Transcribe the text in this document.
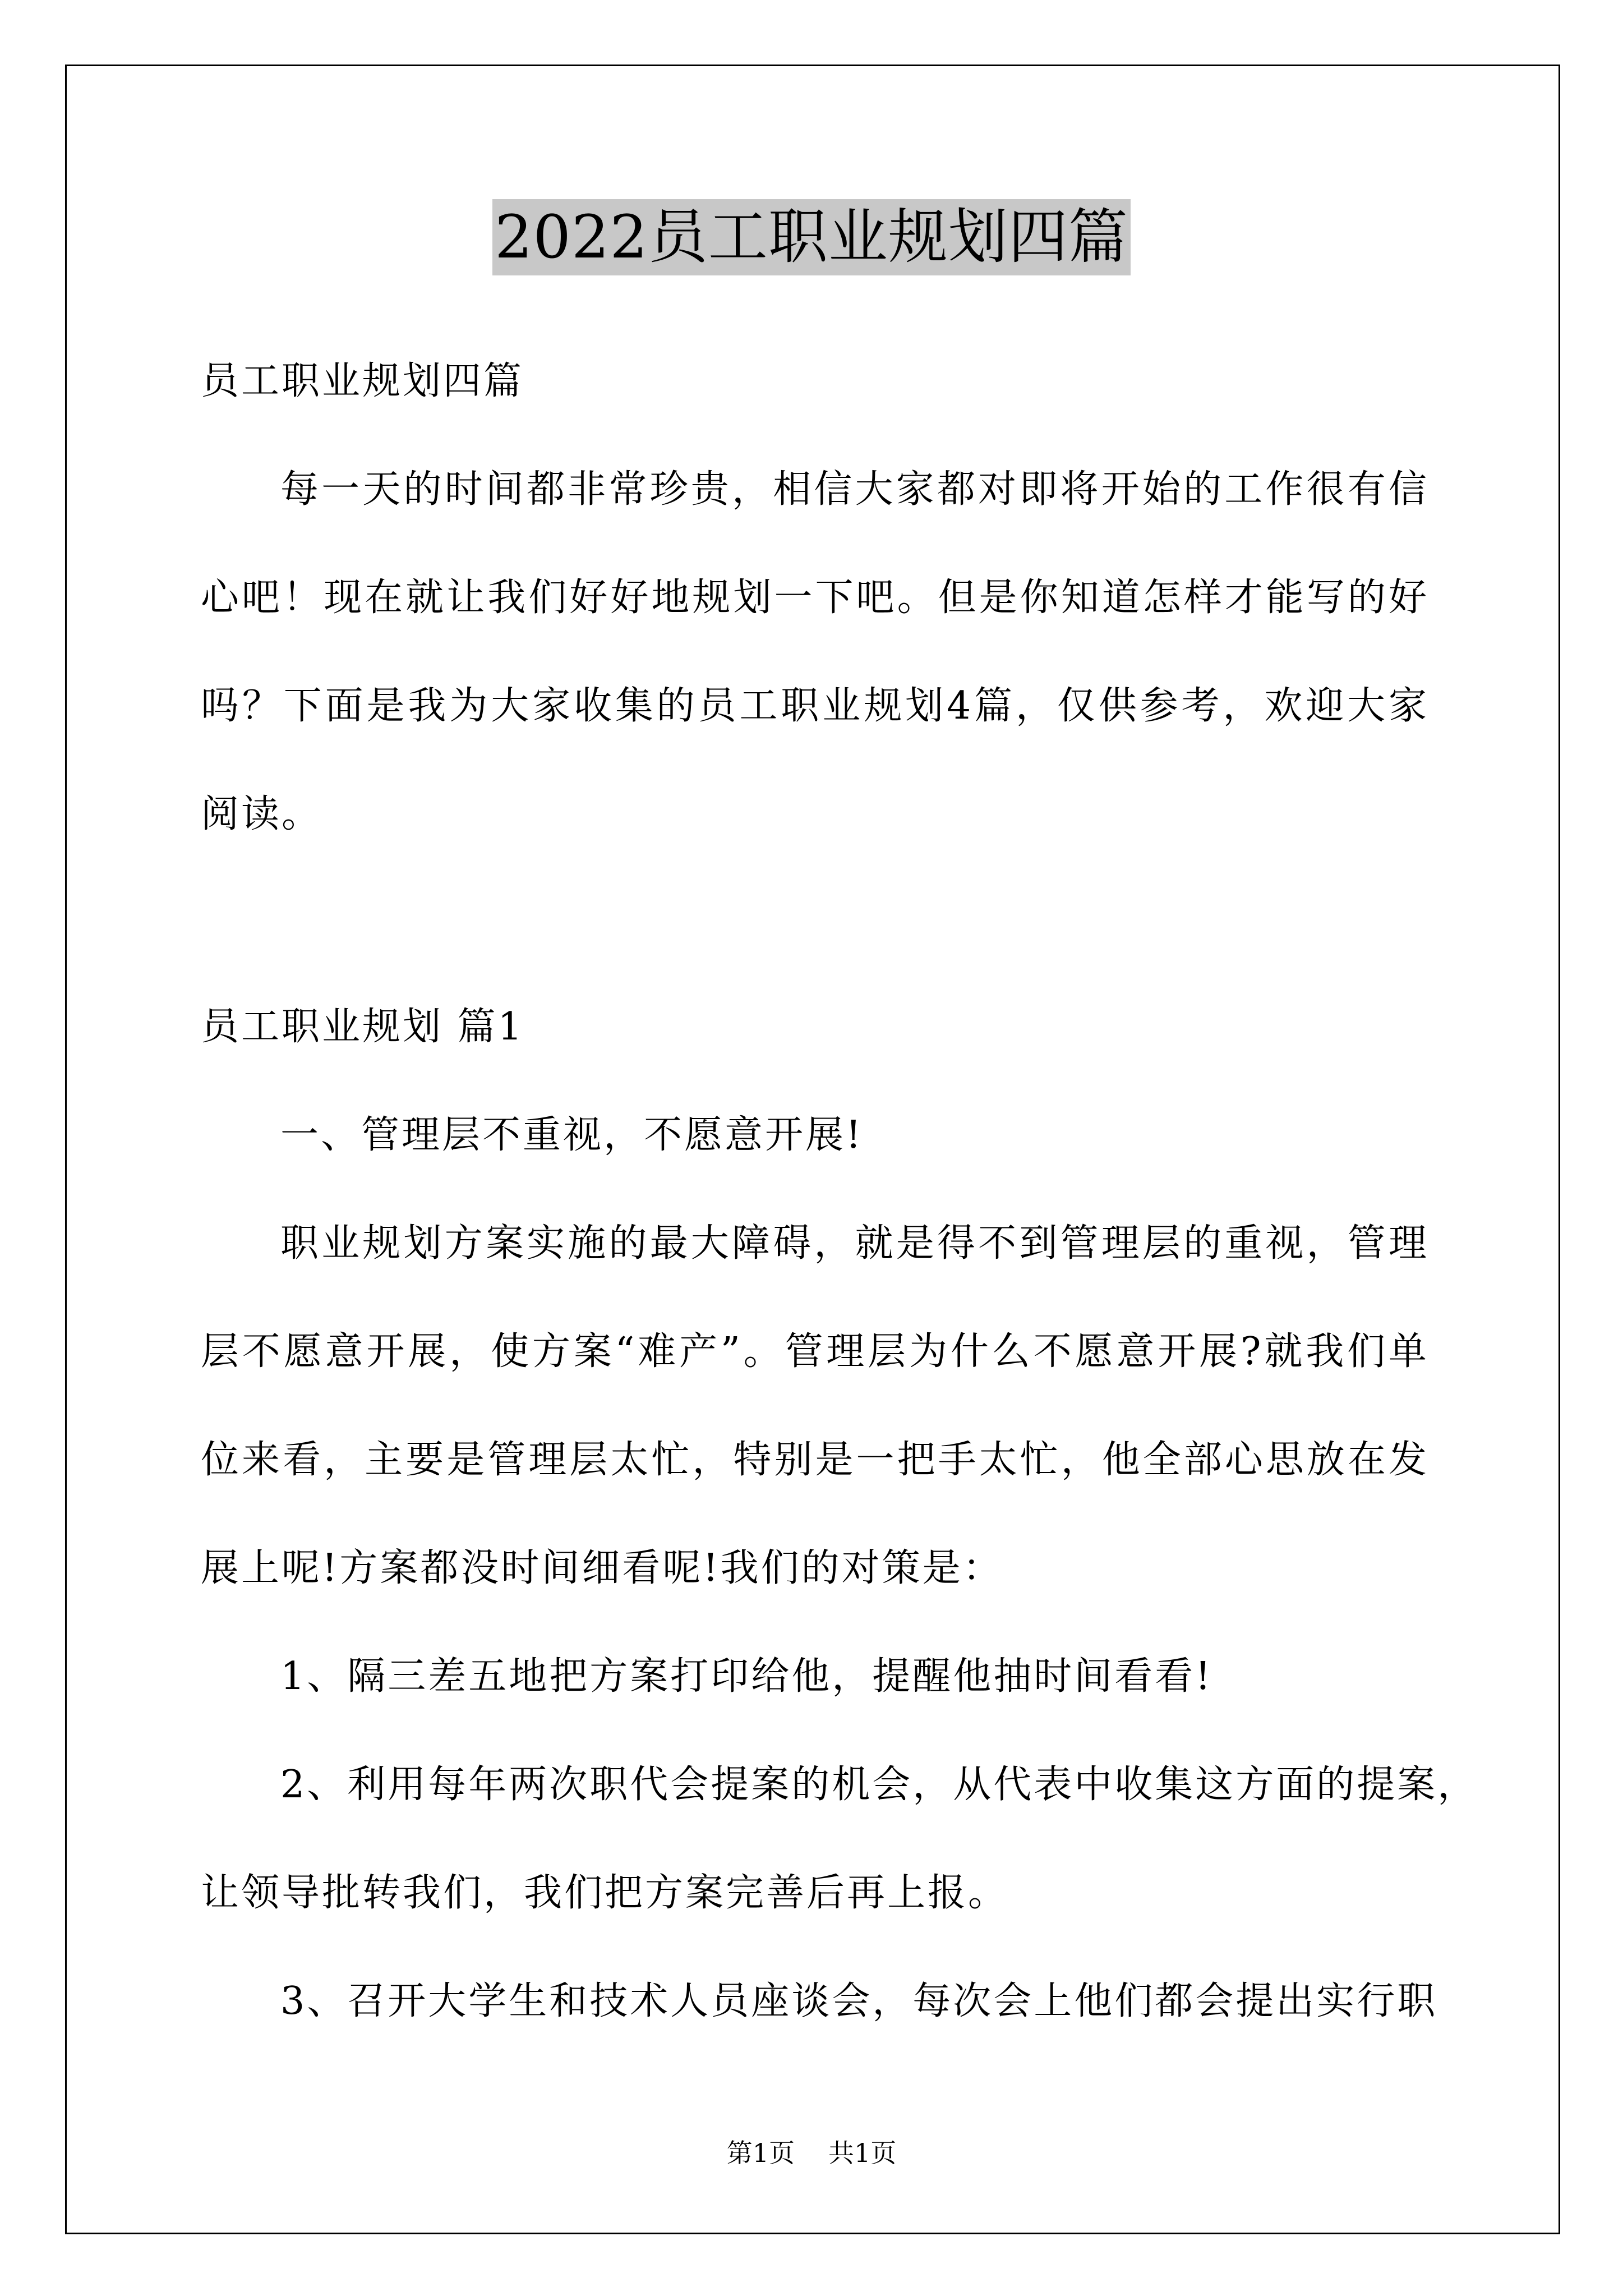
2022员工职业规划四篇
员工职业规划四篇
每一天的时间都非常珍贵，相信大家都对即将开始的工作很有信
心吧！现在就让我们好好地规划一下吧。但是你知道怎样才能写的好
吗？下面是我为大家收集的员工职业规划4篇，仅供参考，欢迎大家
阅读。
员工职业规划 篇1
一、管理层不重视，不愿意开展!
职业规划方案实施的最大障碍，就是得不到管理层的重视，管理
层不愿意开展，使方案“难产”。管理层为什么不愿意开展?就我们单
位来看，主要是管理层太忙，特别是一把手太忙，他全部心思放在发
展上呢!方案都没时间细看呢!我们的对策是：
1、隔三差五地把方案打印给他，提醒他抽时间看看!
2、利用每年两次职代会提案的机会，从代表中收集这方面的提案，
让领导批转我们，我们把方案完善后再上报。
3、召开大学生和技术人员座谈会，每次会上他们都会提出实行职
第1页 共1页
